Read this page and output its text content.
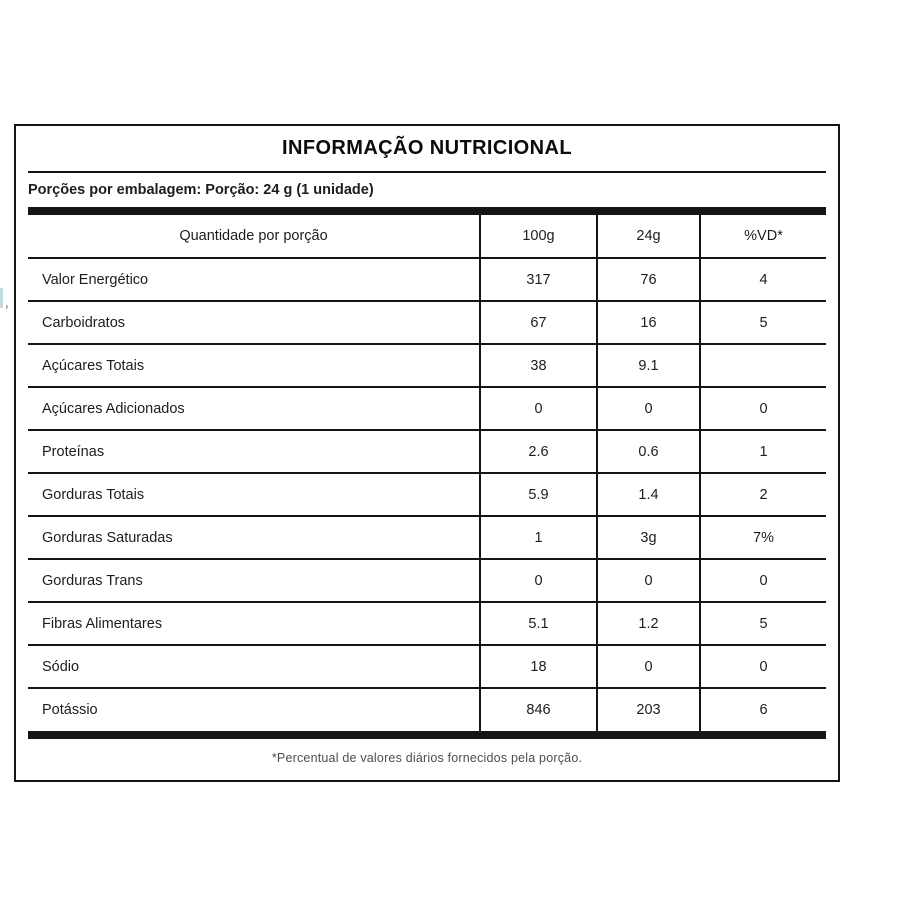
,
INFORMAÇÃO NUTRICIONAL
Porções por embalagem: Porção: 24 g (1 unidade)
Quantidade por porção	100g	24g	%VD*
Valor Energético	317	76	4
Carboidratos	67	16	5
Açúcares Totais	38	9.1	
Açúcares Adicionados	0	0	0
Proteínas	2.6	0.6	1
Gorduras Totais	5.9	1.4	2
Gorduras Saturadas	1	3g	7%
Gorduras Trans	0	0	0
Fibras Alimentares	5.1	1.2	5
Sódio	18	0	0
Potássio	846	203	6
*Percentual de valores diários fornecidos pela porção.
